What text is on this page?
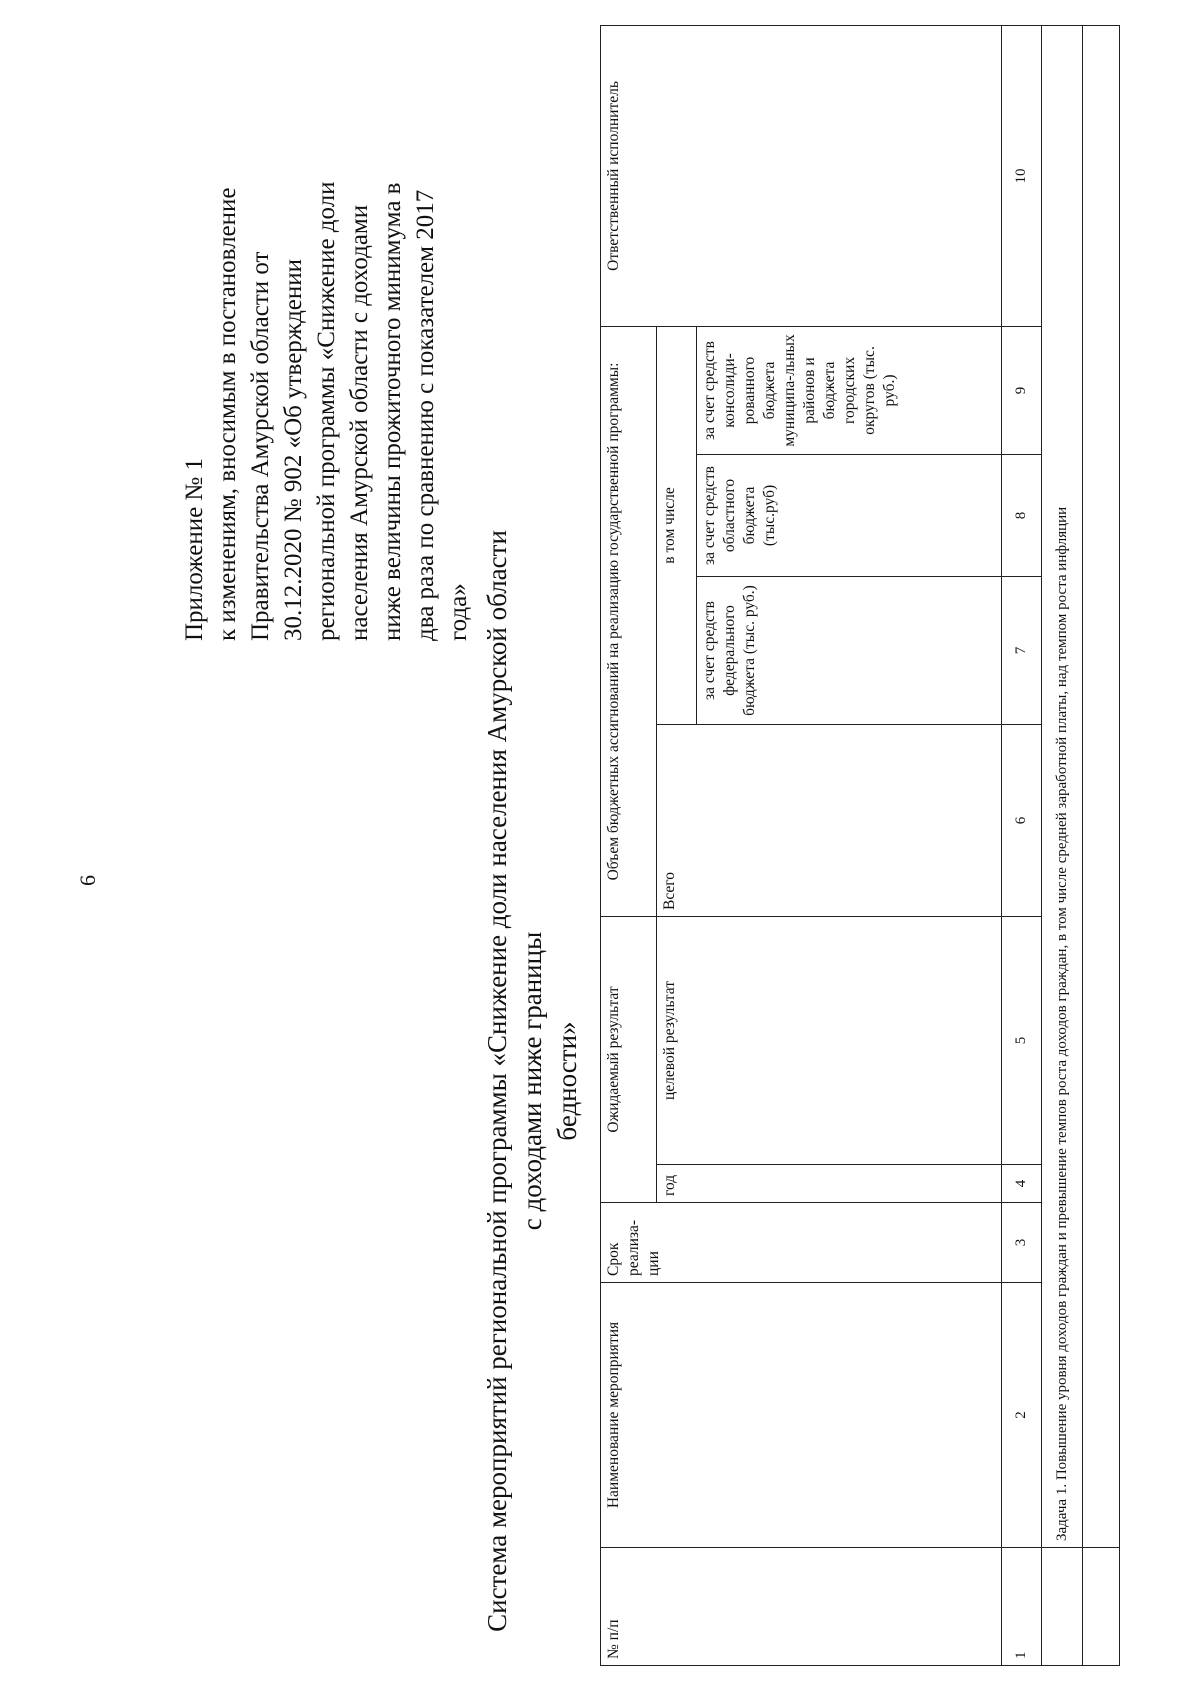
6
Приложение № 1 к изменениям, вносимым в постановление Правительства Амурской области от 30.12.2020 № 902 «Об утверждении региональной программы «Снижение доли населения Амурской области с доходами ниже величины прожиточного минимума в два раза по сравнению с показателем 2017 года» Система мероприятий региональной программы «Снижение доли населения Амурской области с доходами ниже границы бедности»
№ п/п	Наименование мероприятия	Срок реализа-ции	Ожидаемый результат		Объем бюджетных ассигнований на реализацию государственной программы:				Ответственный исполнитель
			год	целевой результат	Всего	в том числе			
						за счет средств федерального бюджета (тыс. руб.)	за счет средств областного бюджета (тыс.руб)	за счет средств консолиди-рованного бюджета муниципа-льных районов и бюджета городских округов (тыс. руб.)	
1	2	3	4	5	6	7	8	9	10
	Задача 1. Повышение уровня доходов граждан и превышение темпов роста доходов граждан, в том числе средней заработной платы, над темпом роста инфляции								
